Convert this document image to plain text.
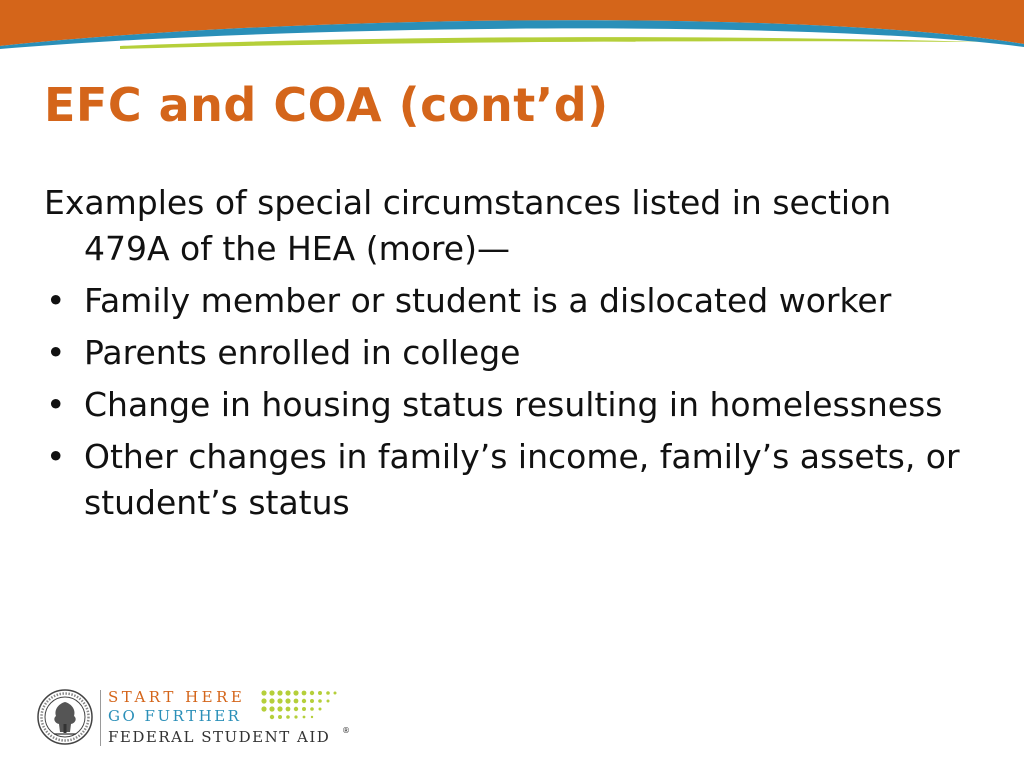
EFC and COA (cont’d)

Examples of special circumstances listed in section 479A of the HEA (more)—

• Family member or student is a dislocated worker
• Parents enrolled in college
• Change in housing status resulting in homelessness
• Other changes in family’s income, family’s assets, or student’s status
START HERE
GO FURTHER
FEDERAL STUDENT AID ®
